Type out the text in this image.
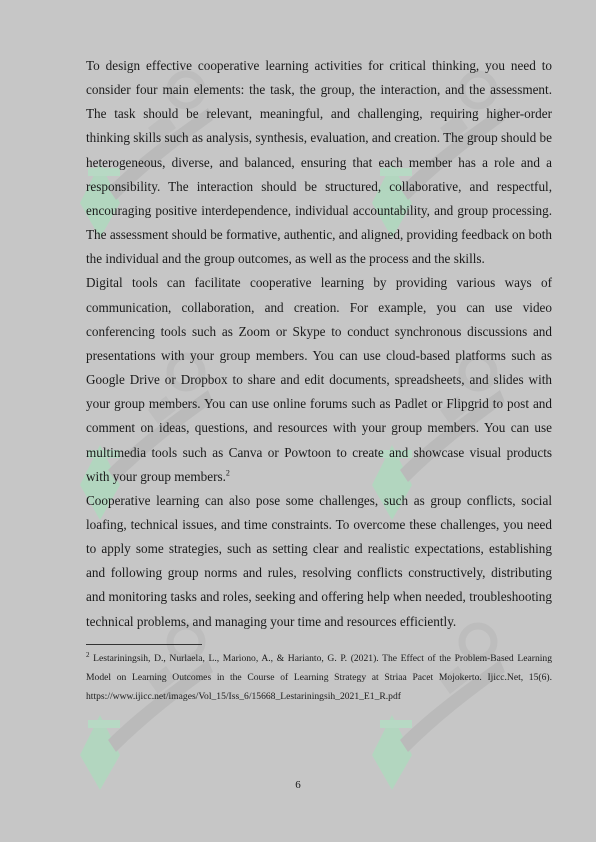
To design effective cooperative learning activities for critical thinking, you need to consider four main elements: the task, the group, the interaction, and the assessment. The task should be relevant, meaningful, and challenging, requiring higher-order thinking skills such as analysis, synthesis, evaluation, and creation. The group should be heterogeneous, diverse, and balanced, ensuring that each member has a role and a responsibility. The interaction should be structured, collaborative, and respectful, encouraging positive interdependence, individual accountability, and group processing. The assessment should be formative, authentic, and aligned, providing feedback on both the individual and the group outcomes, as well as the process and the skills.

Digital tools can facilitate cooperative learning by providing various ways of communication, collaboration, and creation. For example, you can use video conferencing tools such as Zoom or Skype to conduct synchronous discussions and presentations with your group members. You can use cloud-based platforms such as Google Drive or Dropbox to share and edit documents, spreadsheets, and slides with your group members. You can use online forums such as Padlet or Flipgrid to post and comment on ideas, questions, and resources with your group members. You can use multimedia tools such as Canva or Powtoon to create and showcase visual products with your group members.$^2$

Cooperative learning can also pose some challenges, such as group conflicts, social loafing, technical issues, and time constraints. To overcome these challenges, you need to apply some strategies, such as setting clear and realistic expectations, establishing and following group norms and rules, resolving conflicts constructively, distributing and monitoring tasks and roles, seeking and offering help when needed, troubleshooting technical problems, and managing your time and resources efficiently.

$^2$ Lestariningsih, D., Nurlaela, L., Mariono, A., & Harianto, G. P. (2021). The Effect of the Problem-Based Learning Model on Learning Outcomes in the Course of Learning Strategy at Striaa Pacet Mojokerto. Ijicc.Net, 15(6). https://www.ijicc.net/images/Vol_15/Iss_6/15668_Lestariningsih_2021_E1_R.pdf

6
